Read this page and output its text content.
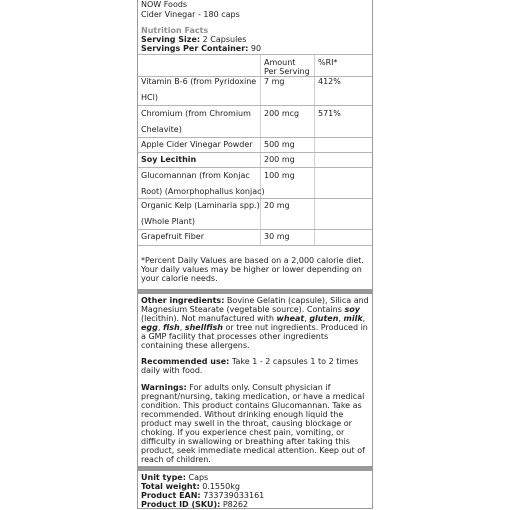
NOW Foods
Cider Vinegar - 180 caps
Nutrition Facts
Serving Size: 2 Capsules
Servings Per Container: 90
Amount
Per Serving
%RI*
Vitamin B-6 (from Pyridoxine
HCl)
7 mg	412%
Chromium (from Chromium
Chelavite)
200 mcg 571%
Apple Cider Vinegar Powder 500 mg
Soy Lecithin	200 mg
Glucomannan (from Konjac
Root) (Amorphophallus konjac)
100 mg
Organic Kelp (Laminaria spp.)
(Whole Plant)
20 mg
Grapefruit Fiber	30 mg
*Percent Daily Values are based on a 2,000 calorie diet.
Your daily values may be higher or lower depending on
your calorie needs.
Other ingredients: Bovine Gelatin (capsule), Silica and Magnesium Stearate (vegetable source). Contains soy (lecithin). Not manufactured with wheat, gluten, milk, egg, fish, shellfish or tree nut ingredients. Produced in a GMP facility that processes other ingredients containing these allergens.
Recommended use: Take 1 - 2 capsules 1 to 2 times daily with food.
Warnings: For adults only. Consult physician if pregnant/nursing, taking medication, or have a medical condition. This product contains Glucomannan. Take as recommended. Without drinking enough liquid the product may swell in the throat, causing blockage or choking. If you experience chest pain, vomiting, or difficulty in swallowing or breathing after taking this product, seek immediate medical attention. Keep out of reach of children.
Unit type: Caps
Total weight: 0.1550kg
Product EAN: 733739033161
Product ID (SKU): P8262
